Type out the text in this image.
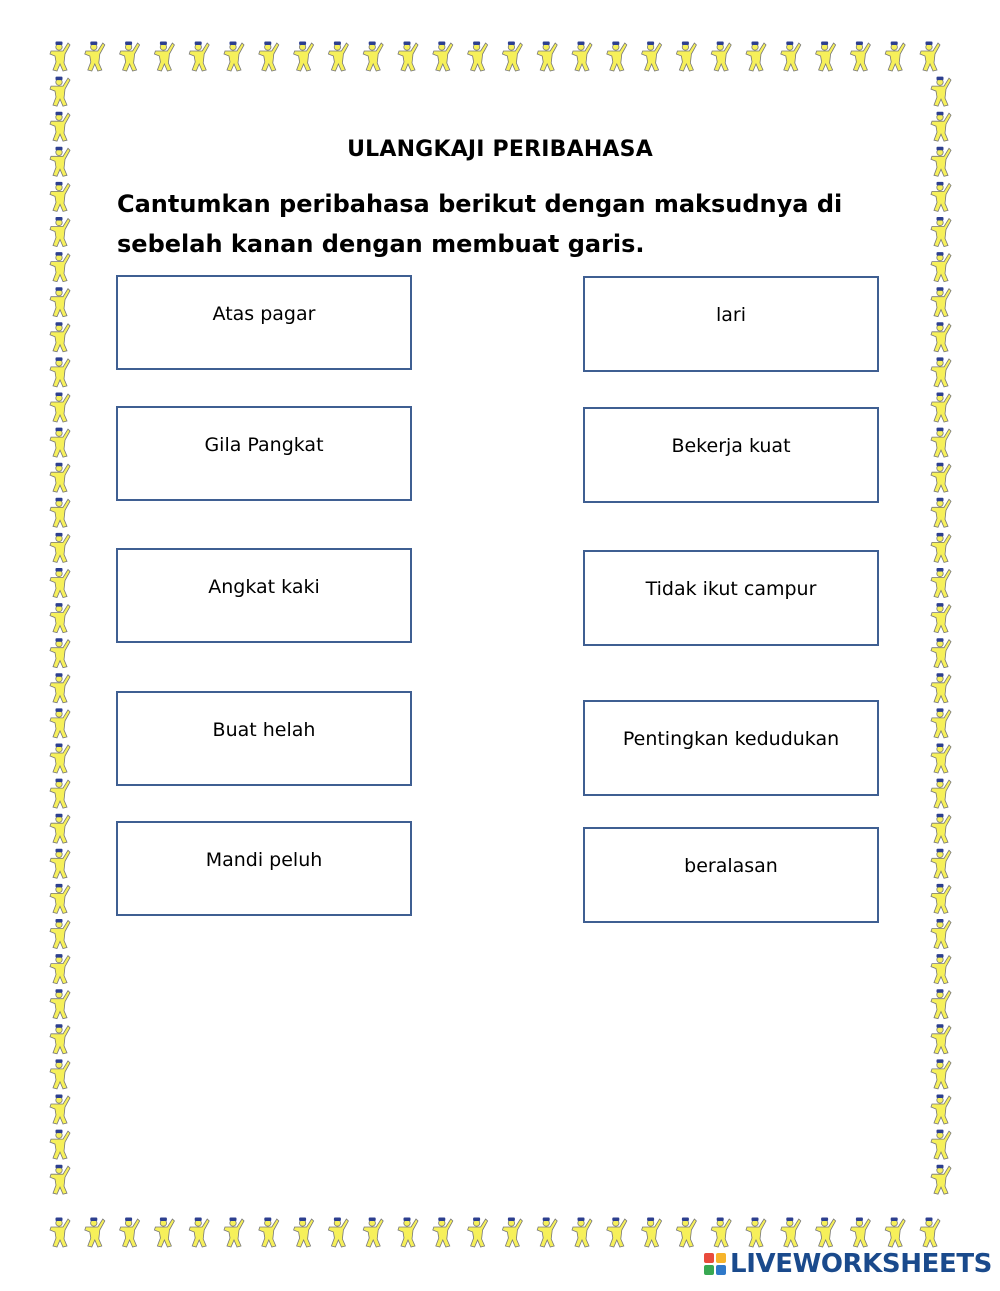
ULANGKAJI PERIBAHASA
Cantumkan peribahasa berikut dengan maksudnya di sebelah kanan dengan membuat garis.
Atas pagar
Gila Pangkat
Angkat kaki
Buat helah
Mandi peluh
lari
Bekerja kuat
Tidak ikut campur
Pentingkan kedudukan
beralasan
LIVEWORKSHEETS
